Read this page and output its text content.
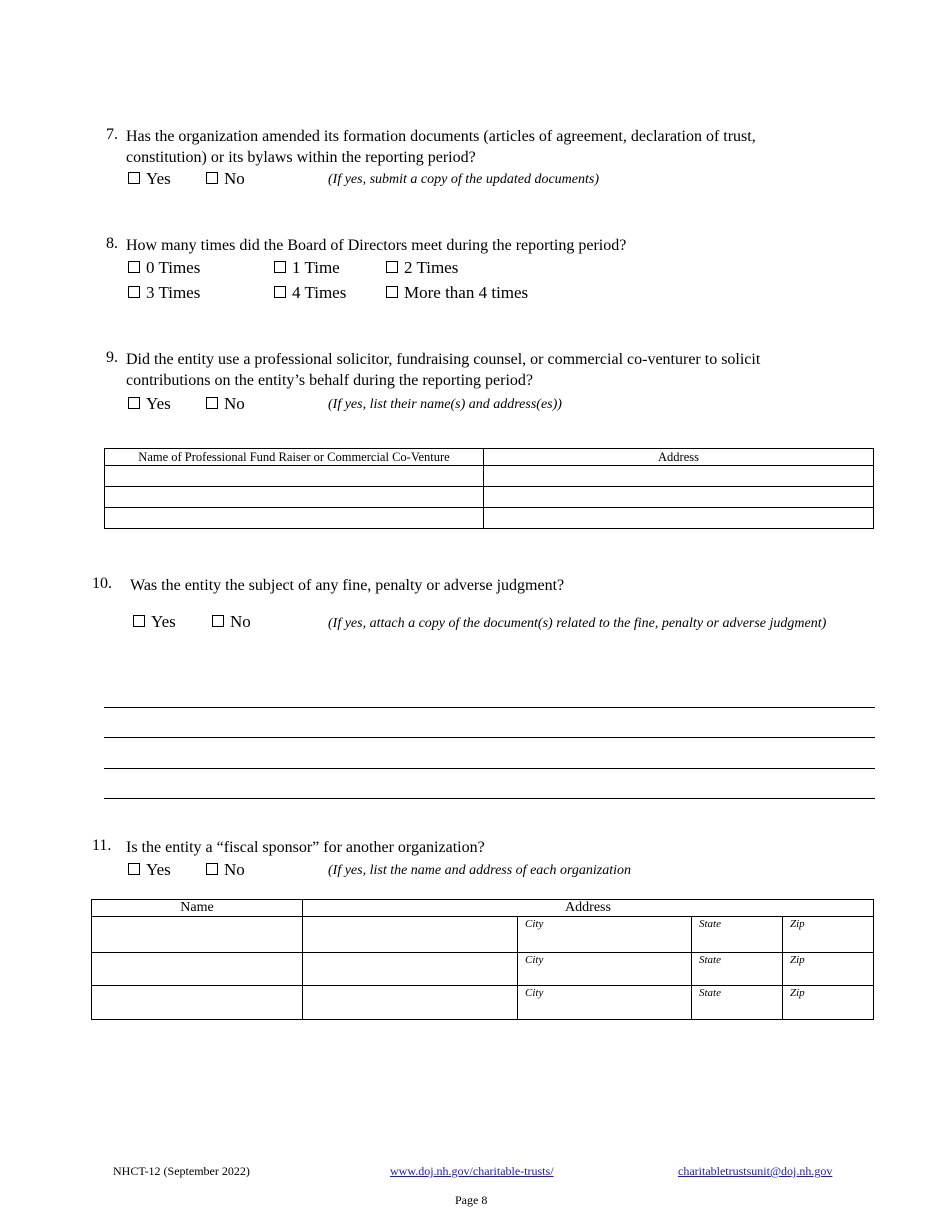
7. Has the organization amended its formation documents (articles of agreement, declaration of trust, constitution) or its bylaws within the reporting period?
Yes	No	(If yes, submit a copy of the updated documents)
8. How many times did the Board of Directors meet during the reporting period?
0 Times	1 Time	2 Times
3 Times	4 Times	More than 4 times
9. Did the entity use a professional solicitor, fundraising counsel, or commercial co-venturer to solicit contributions on the entity’s behalf during the reporting period?
Yes	No	(If yes, list their name(s) and address(es))
Name of Professional Fund Raiser or Commercial Co-Venture	Address

10. Was the entity the subject of any fine, penalty or adverse judgment?
Yes	No	(If yes, attach a copy of the document(s) related to the fine, penalty or adverse judgment)
11. Is the entity a “fiscal sponsor” for another organization?
Yes	No	(If yes, list the name and address of each organization
Name	Address			

		City	State	Zip

		City	State	Zip

		City	State	Zip
NHCT-12 (September 2022)	www.doj.nh.gov/charitable-trusts/	charitabletrustsunit@doj.nh.gov
Page 8
